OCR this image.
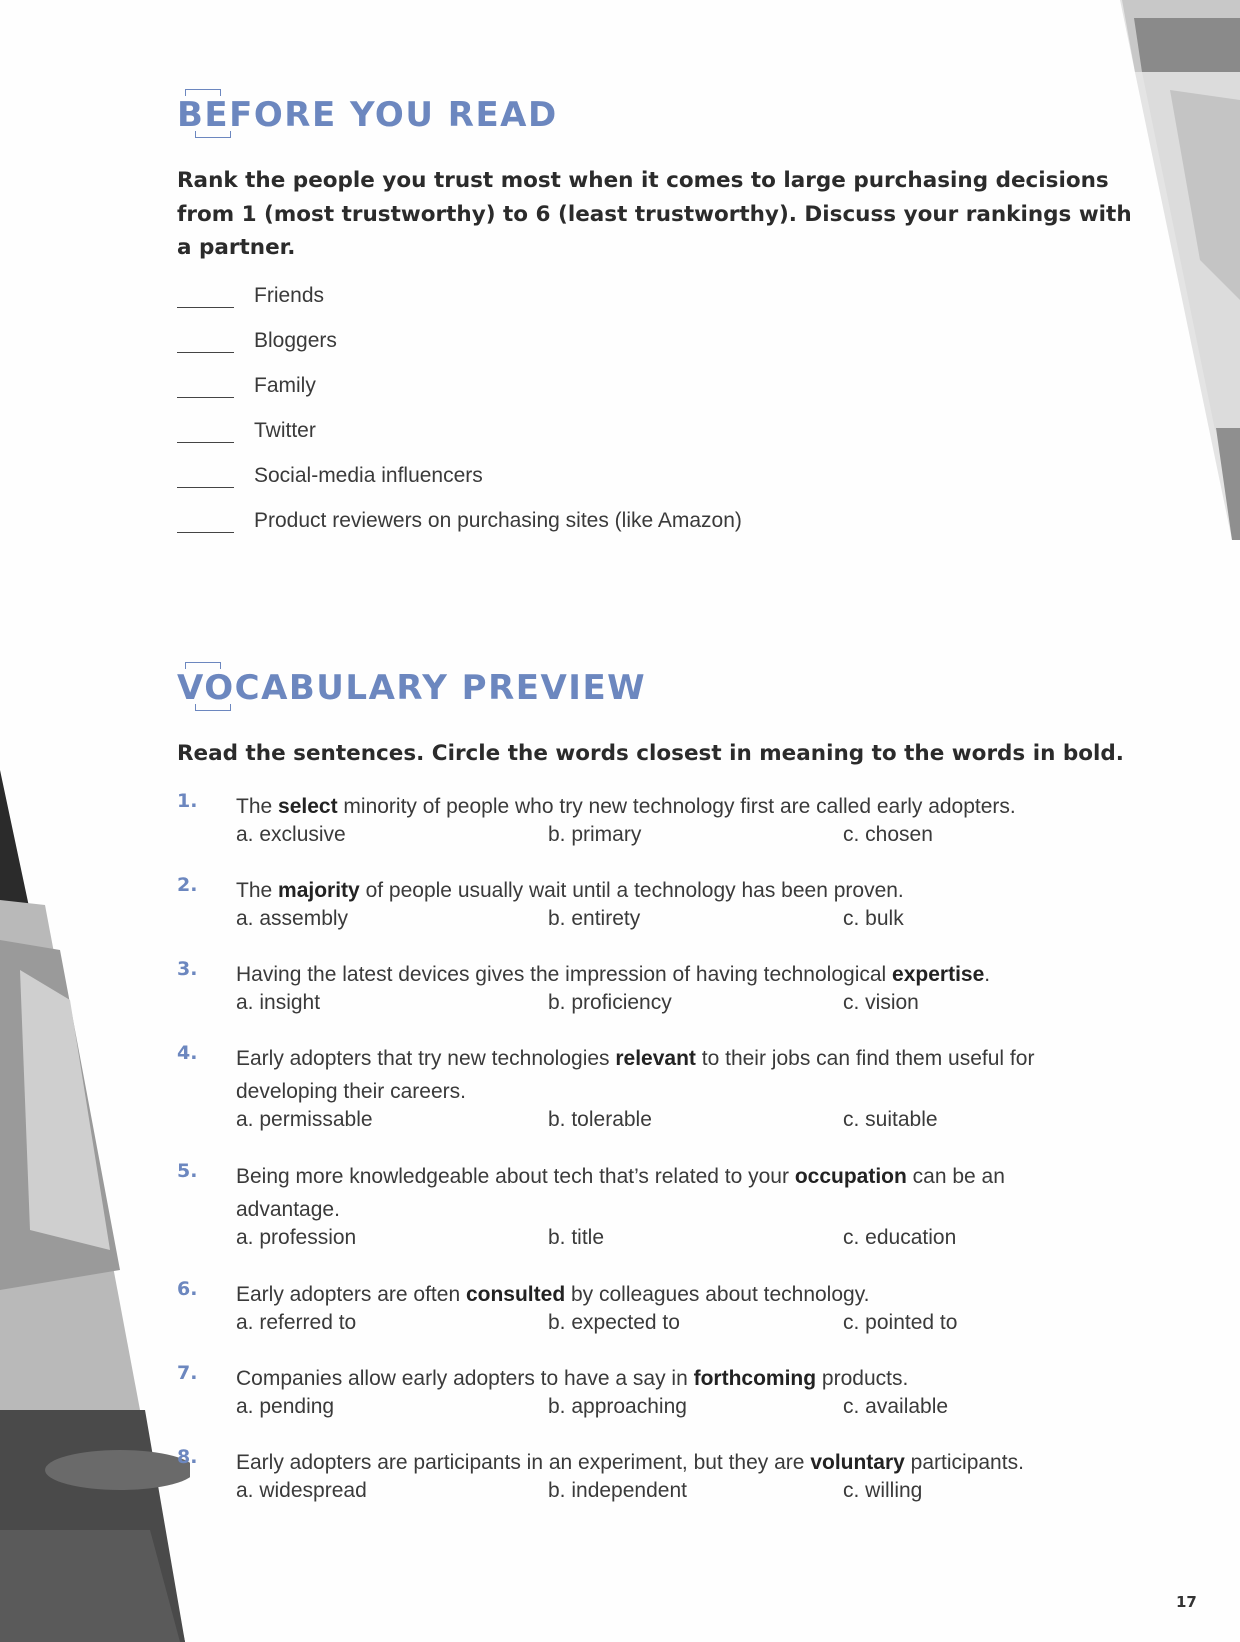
BEFORE YOU READ
Rank the people you trust most when it comes to large purchasing decisions from 1 (most trustworthy) to 6 (least trustworthy). Discuss your rankings with a partner.
Friends
Bloggers
Family
Twitter
Social-media influencers
Product reviewers on purchasing sites (like Amazon)
VOCABULARY PREVIEW
Read the sentences. Circle the words closest in meaning to the words in bold.
1. The select minority of people who try new technology first are called early adopters.
a. exclusive	b. primary	c. chosen
2. The majority of people usually wait until a technology has been proven.
a. assembly	b. entirety	c. bulk
3. Having the latest devices gives the impression of having technological expertise.
a. insight	b. proficiency	c. vision
4. Early adopters that try new technologies relevant to their jobs can find them useful for developing their careers.
a. permissable	b. tolerable	c. suitable
5. Being more knowledgeable about tech that’s related to your occupation can be an advantage.
a. profession	b. title	c. education
6. Early adopters are often consulted by colleagues about technology.
a. referred to	b. expected to	c. pointed to
7. Companies allow early adopters to have a say in forthcoming products.
a. pending	b. approaching	c. available
8. Early adopters are participants in an experiment, but they are voluntary participants.
a. widespread	b. independent	c. willing
17
